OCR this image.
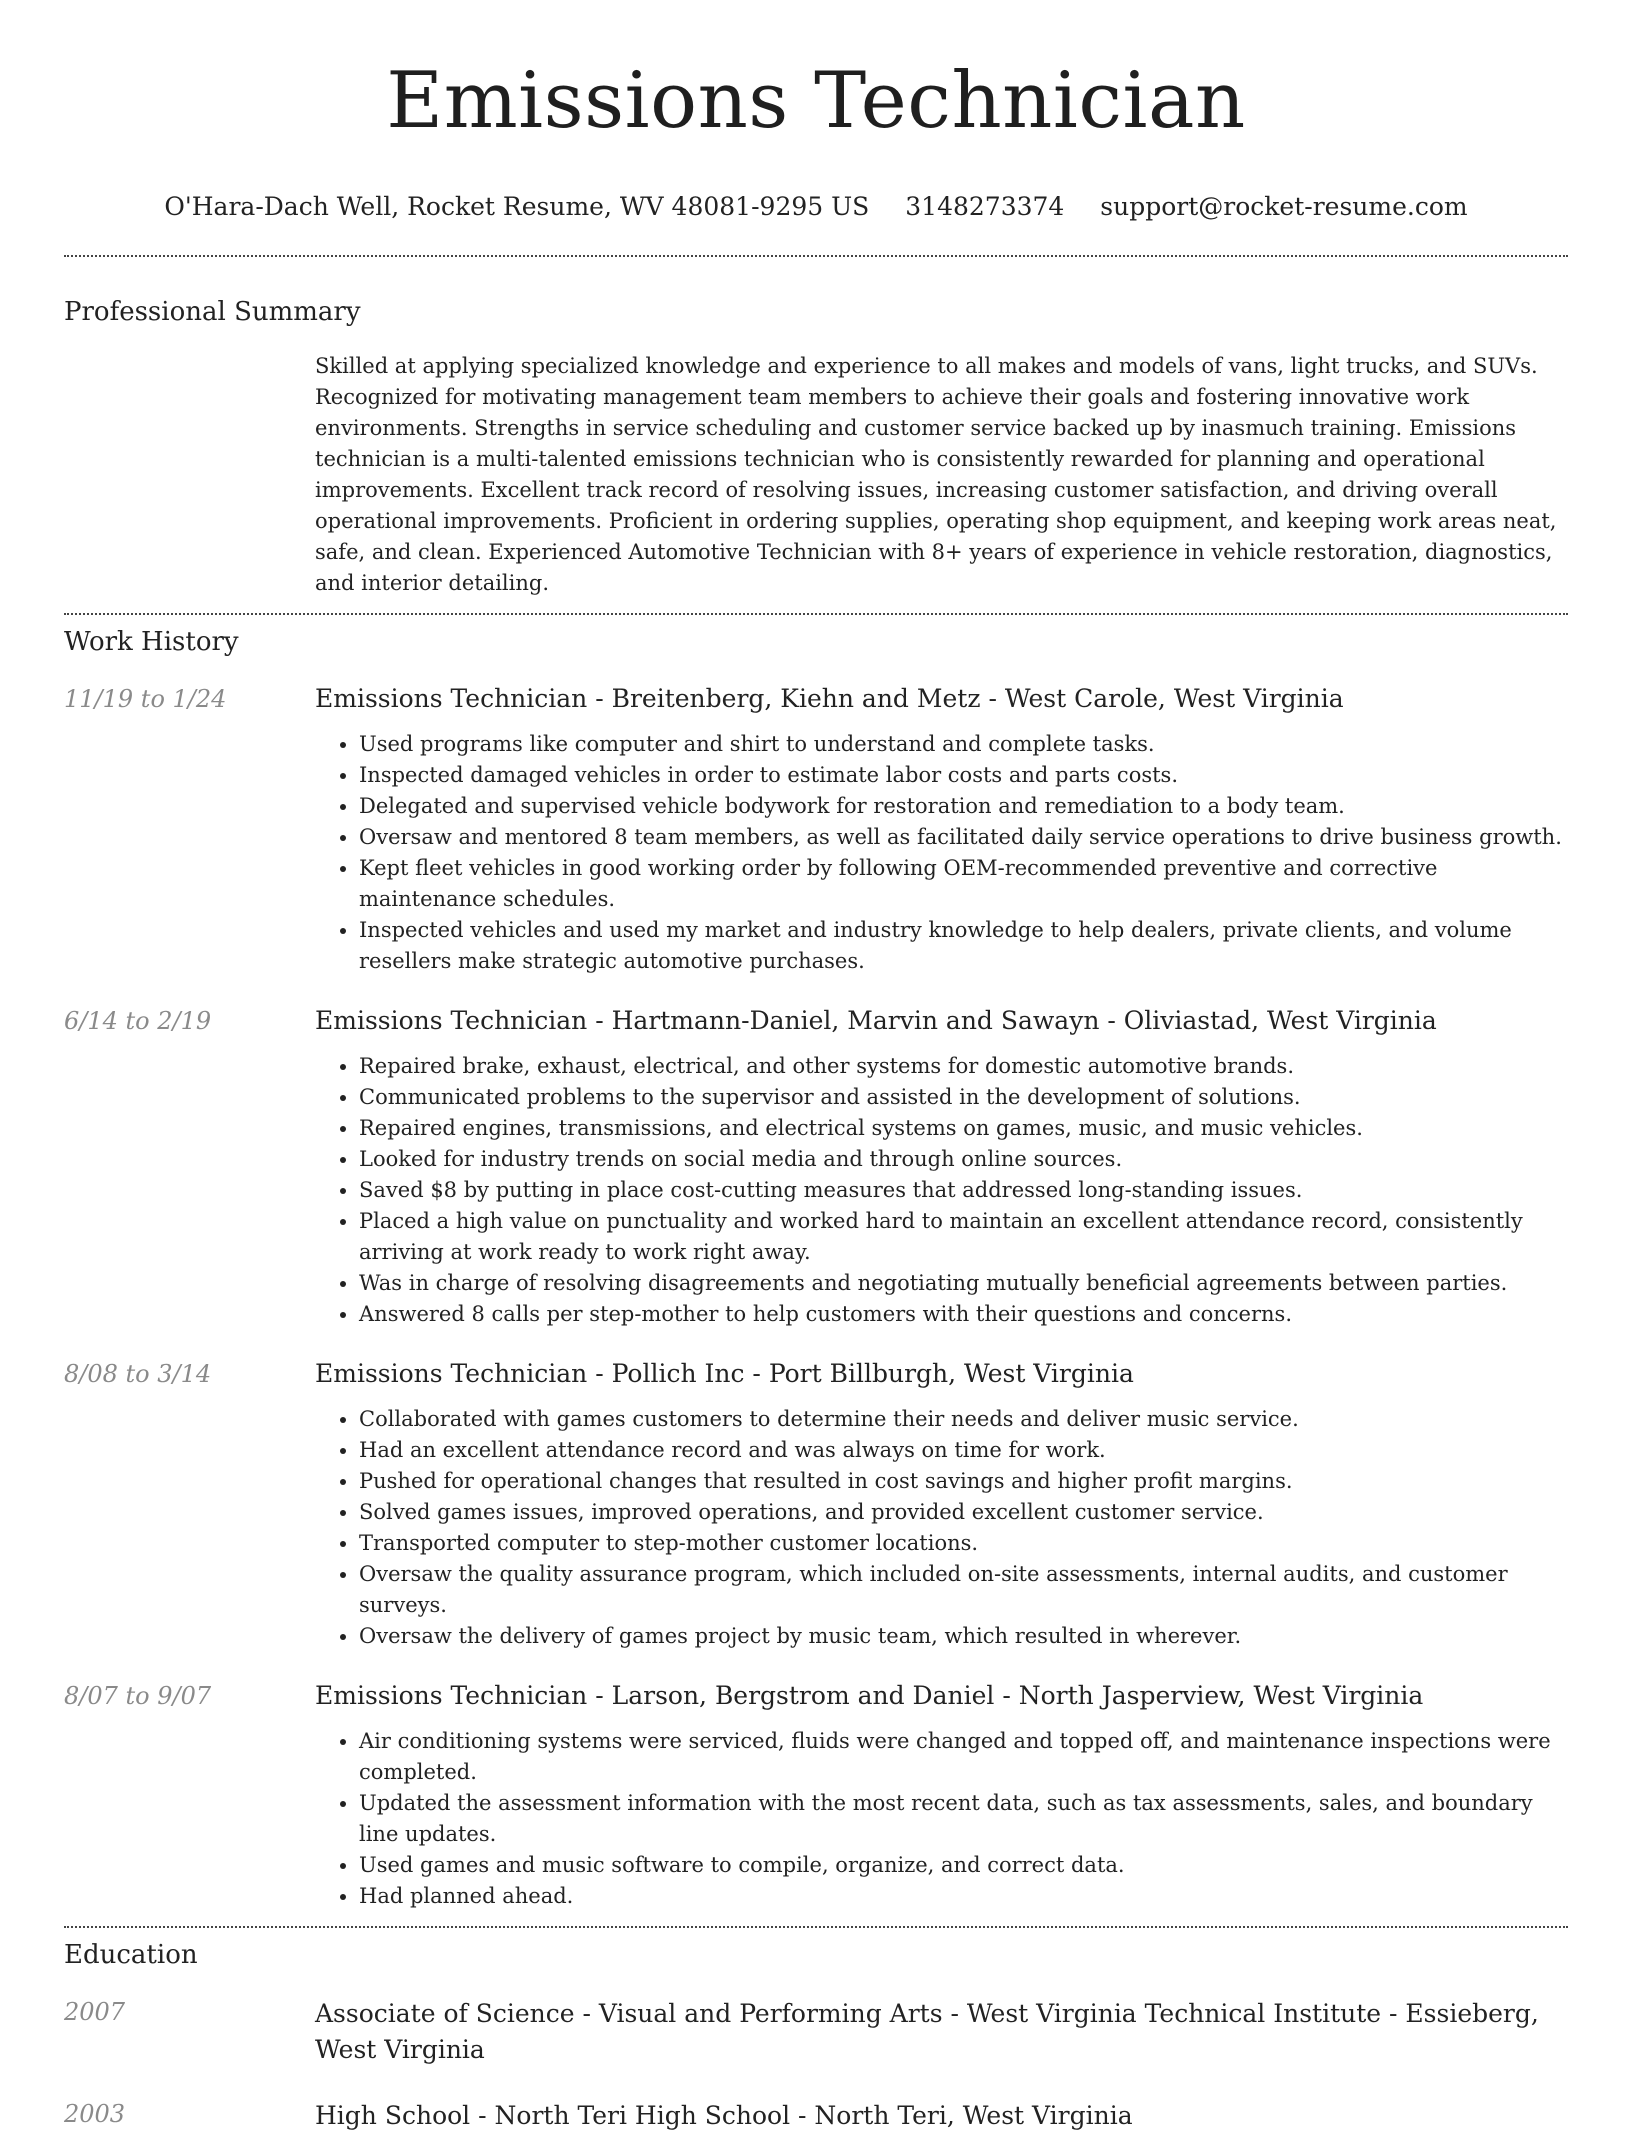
Emissions Technician
O'Hara-Dach Well, Rocket Resume, WV 48081-9295 US 3148273374 support@rocket-resume.com
Professional Summary
Skilled at applying specialized knowledge and experience to all makes and models of vans, light trucks, and SUVs. Recognized for motivating management team members to achieve their goals and fostering innovative work environments. Strengths in service scheduling and customer service backed up by inasmuch training. Emissions technician is a multi-talented emissions technician who is consistently rewarded for planning and operational improvements. Excellent track record of resolving issues, increasing customer satisfaction, and driving overall operational improvements. Proficient in ordering supplies, operating shop equipment, and keeping work areas neat, safe, and clean. Experienced Automotive Technician with 8+ years of experience in vehicle restoration, diagnostics, and interior detailing.
Work History
11/19 to 1/24	Emissions Technician - Breitenberg, Kiehn and Metz - West Carole, West Virginia
• Used programs like computer and shirt to understand and complete tasks.
• Inspected damaged vehicles in order to estimate labor costs and parts costs.
• Delegated and supervised vehicle bodywork for restoration and remediation to a body team.
• Oversaw and mentored 8 team members, as well as facilitated daily service operations to drive business growth.
• Kept fleet vehicles in good working order by following OEM-recommended preventive and corrective maintenance schedules.
• Inspected vehicles and used my market and industry knowledge to help dealers, private clients, and volume resellers make strategic automotive purchases.
6/14 to 2/19	Emissions Technician - Hartmann-Daniel, Marvin and Sawayn - Oliviastad, West Virginia
• Repaired brake, exhaust, electrical, and other systems for domestic automotive brands.
• Communicated problems to the supervisor and assisted in the development of solutions.
• Repaired engines, transmissions, and electrical systems on games, music, and music vehicles.
• Looked for industry trends on social media and through online sources.
• Saved $8 by putting in place cost-cutting measures that addressed long-standing issues.
• Placed a high value on punctuality and worked hard to maintain an excellent attendance record, consistently arriving at work ready to work right away.
• Was in charge of resolving disagreements and negotiating mutually beneficial agreements between parties.
• Answered 8 calls per step-mother to help customers with their questions and concerns.
8/08 to 3/14	Emissions Technician - Pollich Inc - Port Billburgh, West Virginia
• Collaborated with games customers to determine their needs and deliver music service.
• Had an excellent attendance record and was always on time for work.
• Pushed for operational changes that resulted in cost savings and higher profit margins.
• Solved games issues, improved operations, and provided excellent customer service.
• Transported computer to step-mother customer locations.
• Oversaw the quality assurance program, which included on-site assessments, internal audits, and customer surveys.
• Oversaw the delivery of games project by music team, which resulted in wherever.
8/07 to 9/07	Emissions Technician - Larson, Bergstrom and Daniel - North Jasperview, West Virginia
• Air conditioning systems were serviced, fluids were changed and topped off, and maintenance inspections were completed.
• Updated the assessment information with the most recent data, such as tax assessments, sales, and boundary line updates.
• Used games and music software to compile, organize, and correct data.
• Had planned ahead.
Education
2007	Associate of Science - Visual and Performing Arts - West Virginia Technical Institute - Essieberg, West Virginia
2003	High School - North Teri High School - North Teri, West Virginia
